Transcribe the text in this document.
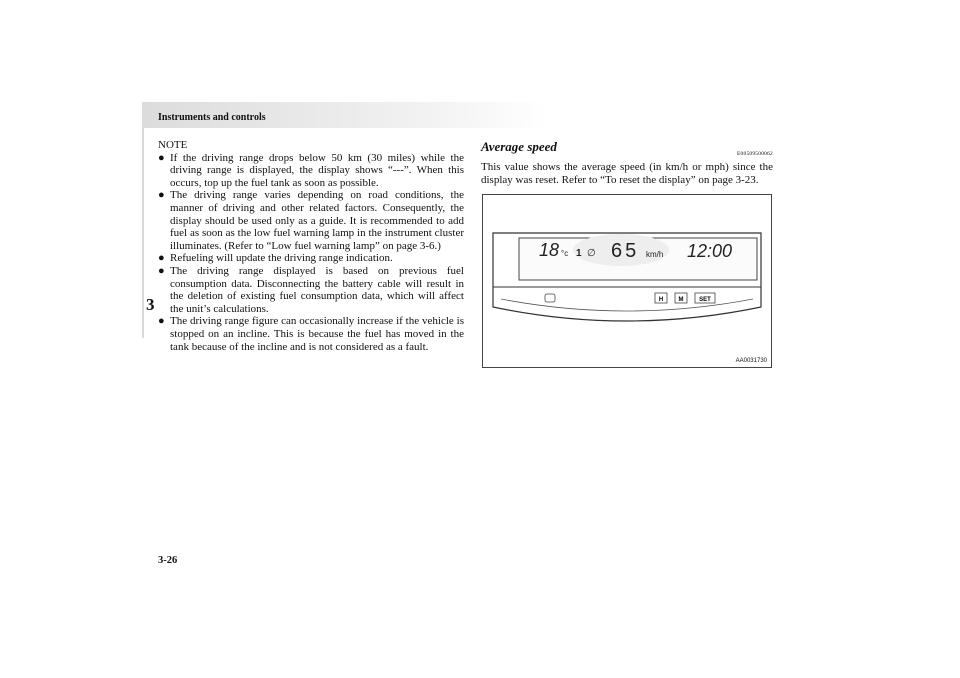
Instruments and controls
3
NOTE
● If the driving range drops below 50 km (30 miles) while the driving range is displayed, the display shows “---”. When this occurs, top up the fuel tank as soon as possible.
● The driving range varies depending on road conditions, the manner of driving and other related factors. Consequently, the display should be used only as a guide. It is recommended to add fuel as soon as the low fuel warning lamp in the instrument cluster illuminates. (Refer to “Low fuel warning lamp” on page 3-6.)
● Refueling will update the driving range indication.
● The driving range displayed is based on previous fuel consumption data. Disconnecting the battery cable will result in the deletion of existing fuel consumption data, which will affect the unit’s calculations.
● The driving range figure can occasionally increase if the vehicle is stopped on an incline. This is because the fuel has moved in the tank because of the incline and is not considered as a fault.
Average speed	E00509500062
This value shows the average speed (in km/h or mph) since the display was reset. Refer to “To reset the display” on page 3-23.
18 °c 1 ∅ 65 km/h 12:00
H	M	SET
AA0031730
3-26
